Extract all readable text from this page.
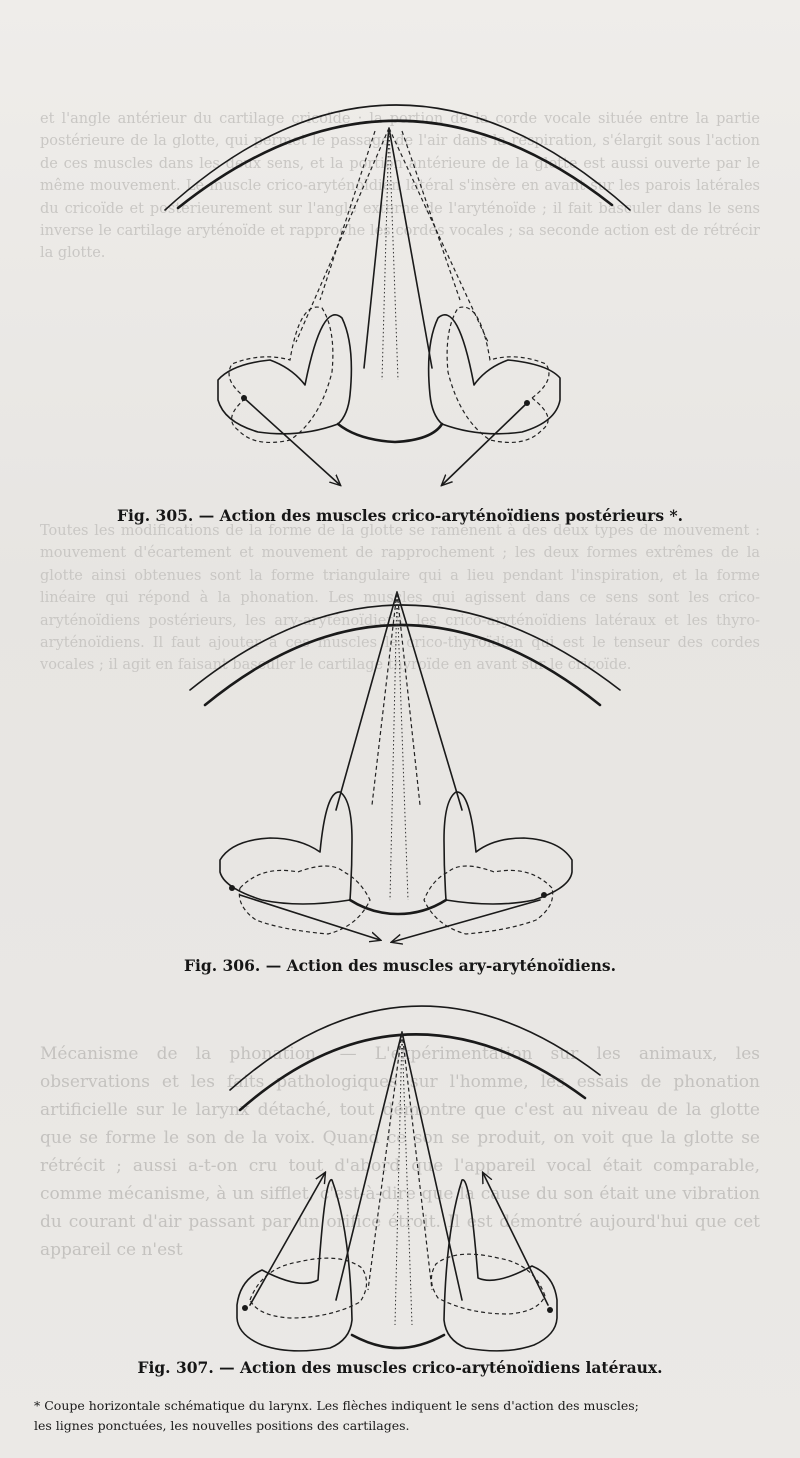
et l'angle antérieur du cartilage cricoïde ; la portion de la corde vocale située entre la partie postérieure de la glotte, qui permet le passage de l'air dans la respiration, s'élargit sous l'action de ces muscles dans les deux sens, et la portion antérieure de la glotte est aussi ouverte par le même mouvement. Le muscle crico-aryténoïdien latéral s'insère en avant sur les parois latérales du cricoïde et postérieurement sur l'angle externe de l'aryténoïde ; il fait basculer dans le sens inverse le cartilage aryténoïde et rapproche les cordes vocales ; sa seconde action est de rétrécir la glotte.

Toutes les modifications de la forme de la glotte se ramènent à des deux types de mouvement : mouvement d'écartement et mouvement de rapprochement ; les deux formes extrêmes de la glotte ainsi obtenues sont la forme triangulaire qui a lieu pendant l'inspiration, et la forme linéaire qui répond à la phonation. Les muscles qui agissent dans ce sens sont les crico-aryténoïdiens postérieurs, les ary-aryténoïdiens, les crico-aryténoïdiens latéraux et les thyro-aryténoïdiens. Il faut ajouter à ces muscles le crico-thyroïdien qui est le tenseur des cordes vocales ; il agit en faisant basculer le cartilage thyroïde en avant sur le cricoïde.

Mécanisme de la phonation. — L'expérimentation sur les animaux, les observations et les faits pathologiques sur l'homme, les essais de phonation artificielle sur le larynx détaché, tout démontre que c'est au niveau de la glotte que se forme le son de la voix. Quand ce son se produit, on voit que la glotte se rétrécit ; aussi a-t-on cru tout d'abord que l'appareil vocal était comparable, comme mécanisme, à un sifflet, c'est-à-dire que la cause du son était une vibration du courant d'air passant par un orifice étroit. Il est démontré aujourd'hui que cet appareil ce n'est

Fig. 305. — Action des muscles crico-aryténoïdiens postérieurs *.
Fig. 306. — Action des muscles ary-aryténoïdiens.
Fig. 307. — Action des muscles crico-aryténoïdiens latéraux.

* Coupe horizontale schématique du larynx. Les flèches indiquent le sens d'action des muscles;

les lignes ponctuées, les nouvelles positions des cartilages.
